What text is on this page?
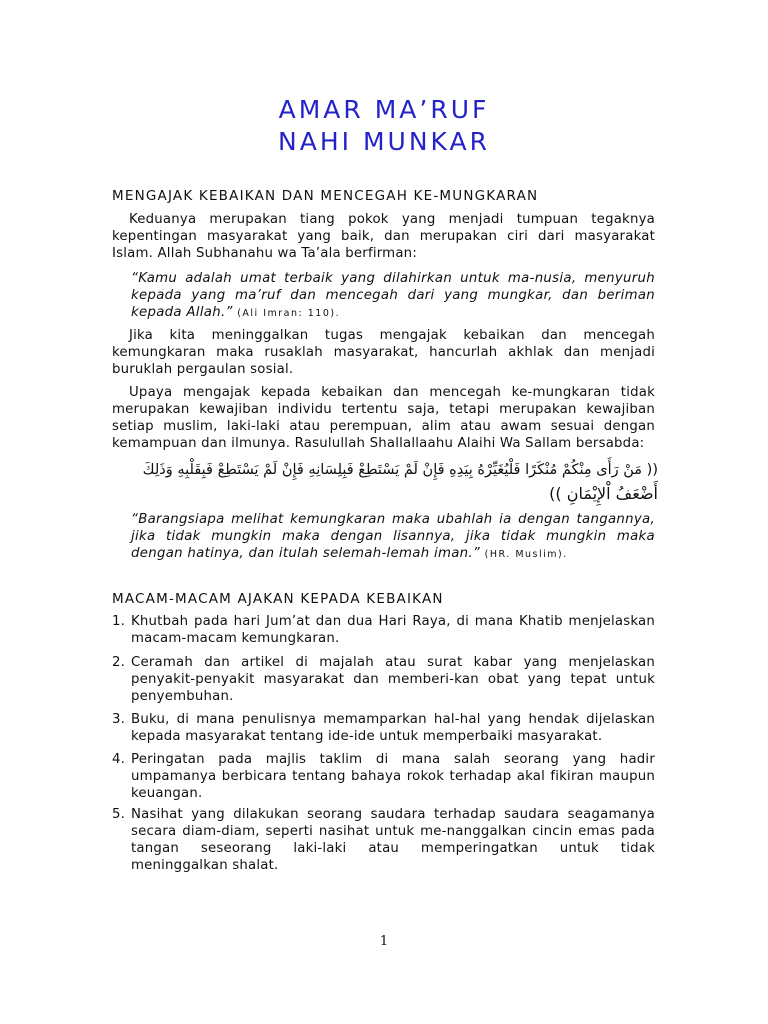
AMAR MA’RUF
NAHI MUNKAR
MENGAJAK KEBAIKAN DAN MENCEGAH KE-MUNGKARAN
Keduanya merupakan tiang pokok yang menjadi tumpuan tegaknya
kepentingan masyarakat yang baik, dan merupakan ciri dari masyarakat
Islam. Allah Subhanahu wa Ta’ala berfirman:
“Kamu adalah umat terbaik yang dilahirkan untuk ma-nusia, menyuruh
kepada yang ma’ruf dan mencegah dari yang mungkar, dan beriman
kepada Allah.” (Ali Imran: 110).
Jika kita meninggalkan tugas mengajak kebaikan dan mencegah
kemungkaran maka rusaklah masyarakat, hancurlah akhlak dan menjadi
buruklah pergaulan sosial.
Upaya mengajak kepada kebaikan dan mencegah ke-mungkaran tidak
merupakan kewajiban individu tertentu saja, tetapi merupakan kewajiban
setiap muslim, laki-laki atau perempuan, alim atau awam sesuai dengan
kemampuan dan ilmunya. Rasulullah Shallallaahu Alaihi Wa Sallam bersabda:
(( مَنْ رَأَى مِنْكُمْ مُنْكَرًا فَلْيُغَيِّرْهُ بِيَدِهِ فَإِنْ لَمْ يَسْتَطِعْ فَبِلِسَانِهِ فَإِنْ لَمْ يَسْتَطِعْ فَبِقَلْبِهِ وَذَلِكَ
أَضْعَفُ اْلإِيْمَانِ ))
“Barangsiapa melihat kemungkaran maka ubahlah ia dengan tangannya,
jika tidak mungkin maka dengan lisannya, jika tidak mungkin maka
dengan hatinya, dan itulah selemah-lemah iman.” (HR. Muslim).
MACAM-MACAM AJAKAN KEPADA KEBAIKAN
1. Khutbah pada hari Jum’at dan dua Hari Raya, di mana Khatib menjelaskan
macam-macam kemungkaran.
2. Ceramah dan artikel di majalah atau surat kabar yang menjelaskan
penyakit-penyakit masyarakat dan memberi-kan obat yang tepat untuk
penyembuhan.
3. Buku, di mana penulisnya memamparkan hal-hal yang hendak dijelaskan
kepada masyarakat tentang ide-ide untuk memperbaiki masyarakat.
4. Peringatan pada majlis taklim di mana salah seorang yang hadir
umpamanya berbicara tentang bahaya rokok terhadap akal fikiran maupun
keuangan.
5. Nasihat yang dilakukan seorang saudara terhadap saudara seagamanya
secara diam-diam, seperti nasihat untuk me-nanggalkan cincin emas pada
tangan seseorang laki-laki atau memperingatkan untuk tidak
meninggalkan shalat.
1
